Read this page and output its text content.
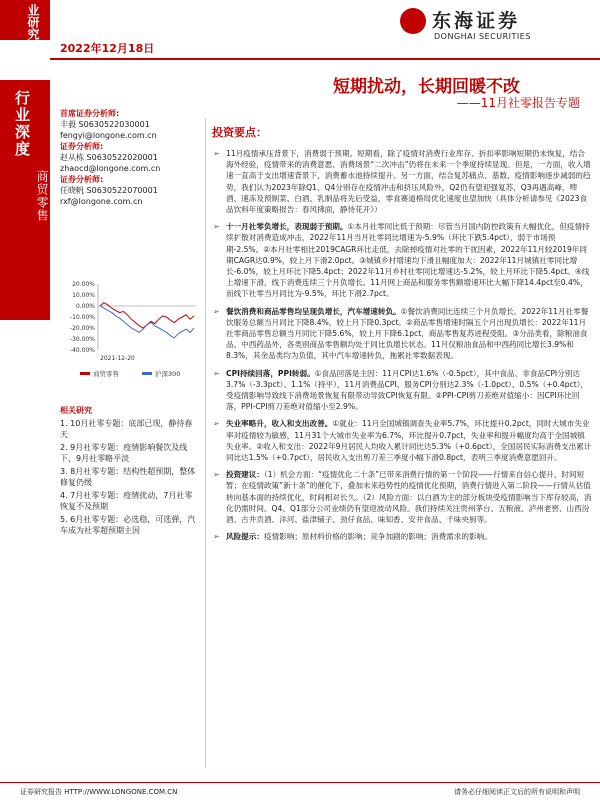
业研究
2022年12月18日
东海证券
DONGHAI SECURITIES
行业深度
商贸零售
短期扰动，长期回暖不改
——11月社零报告专题
首席证券分析师:
丰毅 S0630522030001
fengyi@longone.com.cn
证券分析师:
赵从栋 S0630522020001
zhaocd@longone.com.cn
证券分析师:
任晓帆 S0630522070001
rxf@longone.com.cn
20.00%
10.00%
0.00%
-10.00%
-20.00%
-30.00%
-40.00%
2021-12-20
商贸零售	沪深300
相关研究
1. 10月社零专题：底部已现，静待春天
2. 9月社零专题：疫情影响餐饮及线下，9月社零略平淡
3. 8月社零专题：结构性超预期，整体修复仍缓
4. 7月社零专题：疫情扰动，7月社零恢复不及预期
5. 6月社零专题：必选稳，可选弹，汽车成为社零超预期主因
投资要点：
➢ 11月疫情承压背景下，消费弱于预期。短期看，除了疫情对消费行业库存、折扣率影响短期仍未恢复，结合海外经验，疫情带来的消费意愿、消费场景“二次冲击”仍将在未来一个季度持续显现。但是，一方面，收入增速一直高于支出增速背景下，消费蓄水池持续提升。另一方面，结合复苏痛点、基数、疫情影响逐步减弱的趋势，我们认为2023年除Q1、Q4分别存在疫情冲击和挤压风险外，Q2仍有望迎强复苏，Q3再遇高峰，啤酒、速冻及预制菜、白酒、乳制品将先后受益，零食赛道格局优化速度也望加快（具体分析请参见《2023食品饮料年度策略报告：春风拂面，静待花开》）
➢ 十一月社零负增长，表现弱于预期。①本月社零同比低于预期：尽管当月国内防控政策有大幅优化，但疫情持续扩散对消费造成冲击，2022年11月当月社零同比增速为-5.9%（环比下跌5.4pct），弱于市场预期-2.5%。②本月社零相比2019CAGR环比走低，去除掉疫情对社零的干扰因素，2022年11月较2019年同期CAGR达0.9%，较上月下滑2.0pct。③城镇乡村增速均下滑且幅度加大：2022年11月城镇社零同比增长-6.0%，较上月环比下降5.4pct；2022年11月乡村社零同比增速达-5.2%，较上月环比下降5.4pct。④线上增速下滑，线下消费连续三个月负增长。11月网上商品和服务零售额增速环比大幅下降14.4pct至0.4%，而线下社零当月同比为-9.5%，环比下滑2.7pct。
➢ 餐饮消费和商品零售均呈现负增长，汽车增速转负。①餐饮消费同比连续三个月负增长。2022年11月社零餐饮服务总额当月同比下降8.4%，较上月下降0.3pct。②商品零售增速时隔五个月出现负增长：2022年11月社零商品零售总额当月同比下降5.6%，较上月下降6.1pct，商品零售复苏进程受阻。③分品类看，除粮油食品、中西药品外，各类别商品零售额均处于同比负增长状态。11月仅粮油食品和中西药同比增长3.9%和8.3%，其余品类均为负值，其中汽车增速转负，拖累社零数据表现。
➢ CPI持续回落，PPI转弱。①食品回落是主因：11月CPI达1.6%（-0.5pct），其中食品、非食品CPI分别达3.7%（-3.3pct）、1.1%（持平），11月消费品CPI、服务CPI分别达2.3%（-1.0pct）、0.5%（+0.4pct），受疫情影响导致线下消费场景恢复有限带动导致CPI恢复有限。②PPI-CPI剪刀差绝对值缩小：因CPI环比回落，PPI-CPI剪刀差绝对值缩小至2.9%。
➢ 失业率略升，收入和支出改善。①就业：11月全国城镇调查失业率5.7%，环比提升0.2pct，同时大城市失业率对疫情较为敏感，11月31个大城市失业率为6.7%，环比提升0.7pct，失业率和提升幅度均高于全国城镇失业率。②收入和支出：2022年9月居民人均收入累计同比达5.3%（+0.6pct），全国居民实际消费支出累计同比达1.5%（+0.7pct），居民收入支出剪刀差三季度小幅下滑0.8pct，表明三季度消费意愿回升。
➢ 投资建议：（1）机会方面：“疫情优化二十条”已带来消费行情的第一个阶段——行情来自信心提升，时间短暂；在疫情政策“新十条”的催化下，叠加未来趋势性的疫情优化预期，消费行情进入第二阶段——行情从估值转向基本面的持续优化，时间相对长久。（2）风险方面：以白酒为主的部分板块受疫情影响当下库存较高，消化仍需时间。Q4、Q1部分公司业绩仍有望迎波动风险。我们持续关注贵州茅台、五粮液、泸州老窖、山西汾酒、古井贡酒、洋河、盐津铺子、劲仔食品、味知香、安井食品、千味央厨等。
➢ 风险提示：疫情影响；原材料价格的影响；竞争加剧的影响；消费需求的影响。
证券研究报告 HTTP://WWW.LONGONE.COM.CN	请务必仔细阅读正文后的所有说明和声明
